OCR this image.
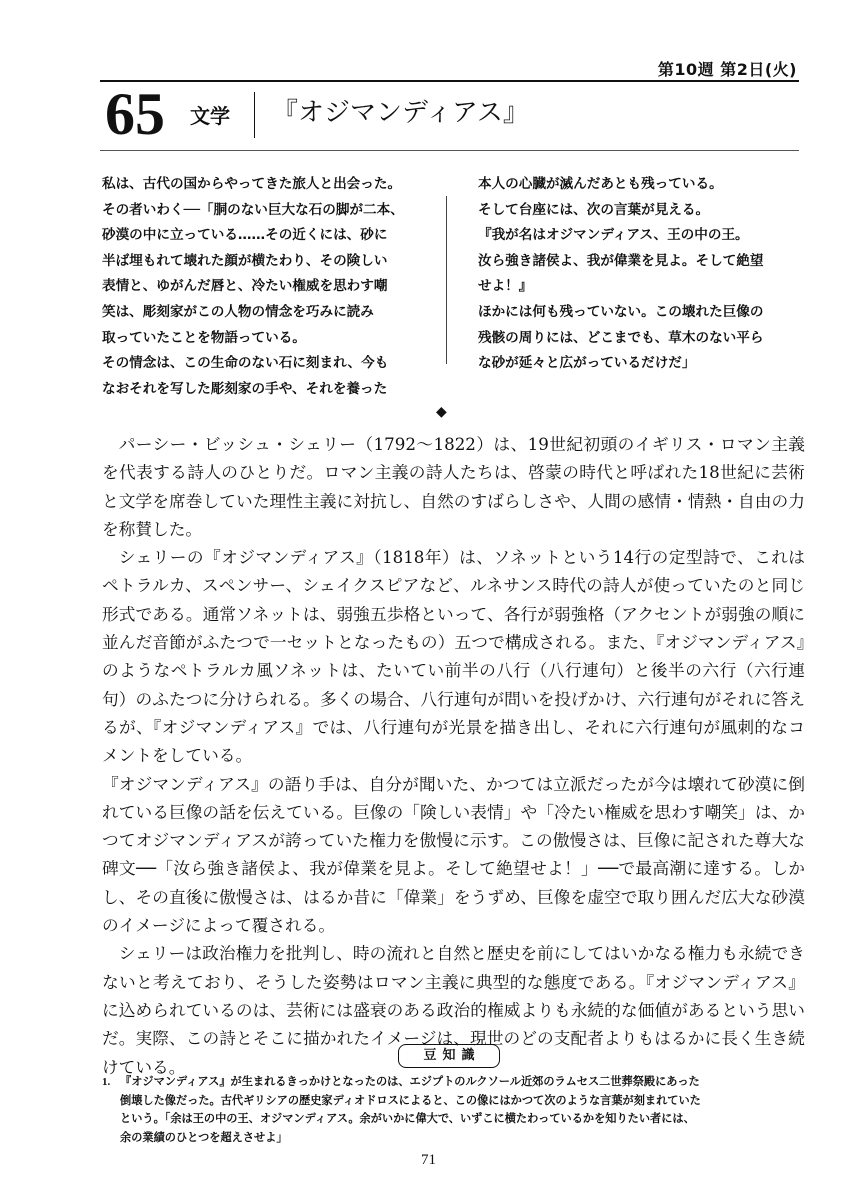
第10週 第2日(火)
65 文学 『オジマンディアス』
私は、古代の国からやってきた旅人と出会った。
その者いわく──「胴のない巨大な石の脚が二本、
砂漠の中に立っている……その近くには、砂に
半ば埋もれて壊れた顔が横たわり、その険しい
表情と、ゆがんだ唇と、冷たい権威を思わす嘲
笑は、彫刻家がこの人物の情念を巧みに読み
取っていたことを物語っている。
その情念は、この生命のない石に刻まれ、今も
なおそれを写した彫刻家の手や、それを養った
本人の心臓が滅んだあとも残っている。
そして台座には、次の言葉が見える。
『我が名はオジマンディアス、王の中の王。
汝ら強き諸侯よ、我が偉業を見よ。そして絶望
せよ！』
ほかには何も残っていない。この壊れた巨像の
残骸の周りには、どこまでも、草木のない平ら
な砂が延々と広がっているだけだ」
◆

パーシー・ビッシュ・シェリー（1792〜1822）は、19世紀初頭のイギリス・ロマン主義を代表する詩人のひとりだ。ロマン主義の詩人たちは、啓蒙の時代と呼ばれた18世紀に芸術と文学を席巻していた理性主義に対抗し、自然のすばらしさや、人間の感情・情熱・自由の力を称賛した。

シェリーの『オジマンディアス』（1818年）は、ソネットという14行の定型詩で、これはペトラルカ、スペンサー、シェイクスピアなど、ルネサンス時代の詩人が使っていたのと同じ形式である。通常ソネットは、弱強五歩格といって、各行が弱強格（アクセントが弱強の順に並んだ音節がふたつで一セットとなったもの）五つで構成される。また、『オジマンディアス』のようなペトラルカ風ソネットは、たいてい前半の八行（八行連句）と後半の六行（六行連句）のふたつに分けられる。多くの場合、八行連句が問いを投げかけ、六行連句がそれに答えるが、『オジマンディアス』では、八行連句が光景を描き出し、それに六行連句が風刺的なコメントをしている。

『オジマンディアス』の語り手は、自分が聞いた、かつては立派だったが今は壊れて砂漠に倒れている巨像の話を伝えている。巨像の「険しい表情」や「冷たい権威を思わす嘲笑」は、かつてオジマンディアスが誇っていた権力を傲慢に示す。この傲慢さは、巨像に記された尊大な碑文──「汝ら強き諸侯よ、我が偉業を見よ。そして絶望せよ！」──で最高潮に達する。しかし、その直後に傲慢さは、はるか昔に「偉業」をうずめ、巨像を虚空で取り囲んだ広大な砂漠のイメージによって覆される。

シェリーは政治権力を批判し、時の流れと自然と歴史を前にしてはいかなる権力も永続できないと考えており、そうした姿勢はロマン主義に典型的な態度である。『オジマンディアス』に込められているのは、芸術には盛衰のある政治的権威よりも永続的な価値があるという思いだ。実際、この詩とそこに描かれたイメージは、現世のどの支配者よりもはるかに長く生き続けている。

豆知識
1. 『オジマンディアス』が生まれるきっかけとなったのは、エジプトのルクソール近郊のラムセス二世葬祭殿にあった
倒壊した像だった。古代ギリシアの歴史家ディオドロスによると、この像にはかつて次のような言葉が刻まれていた
という。「余は王の中の王、オジマンディアス。余がいかに偉大で、いずこに横たわっているかを知りたい者には、
余の業績のひとつを超えさせよ」
71
